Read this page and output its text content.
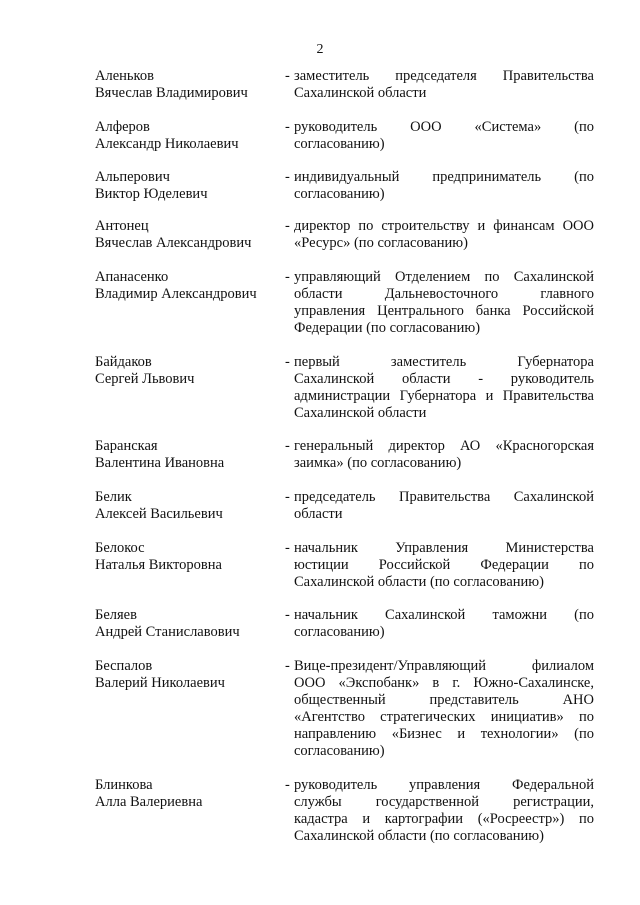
2
Аленьков
Вячеслав Владимирович
- заместитель председателя Правительства
Сахалинской области
Алферов
Александр Николаевич
- руководитель ООО «Система» (по
согласованию)
Альперович
Виктор Юделевич
- индивидуальный предприниматель (по
согласованию)
Антонец
Вячеслав Александрович
- директор по строительству и финансам ООО
«Ресурс» (по согласованию)
Апанасенко
Владимир Александрович
- управляющий Отделением по Сахалинской
области Дальневосточного главного
управления Центрального банка Российской
Федерации (по согласованию)
Байдаков
Сергей Львович
- первый заместитель Губернатора
Сахалинской области - руководитель
администрации Губернатора и Правительства
Сахалинской области
Баранская
Валентина Ивановна
- генеральный директор АО «Красногорская
заимка» (по согласованию)
Белик
Алексей Васильевич
- председатель Правительства Сахалинской
области
Белокос
Наталья Викторовна
- начальник Управления Министерства
юстиции Российской Федерации по
Сахалинской области (по согласованию)
Беляев
Андрей Станиславович
- начальник Сахалинской таможни (по
согласованию)
Беспалов
Валерий Николаевич
- Вице-президент/Управляющий филиалом
ООО «Экспобанк» в г. Южно-Сахалинске,
общественный представитель АНО
«Агентство стратегических инициатив» по
направлению «Бизнес и технологии» (по
согласованию)
Блинкова
Алла Валериевна
- руководитель управления Федеральной
службы государственной регистрации,
кадастра и картографии («Росреестр») по
Сахалинской области (по согласованию)
